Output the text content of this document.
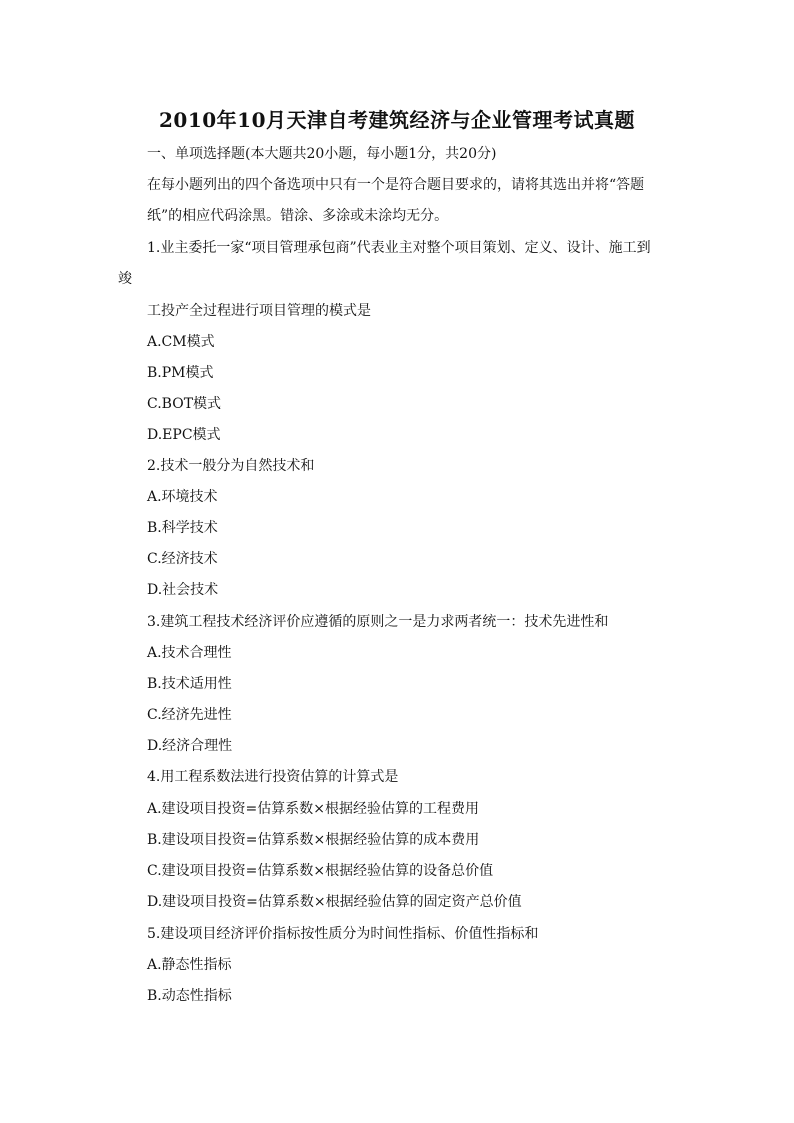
2010年10月天津自考建筑经济与企业管理考试真题
一、单项选择题(本大题共20小题，每小题1分，共20分)
在每小题列出的四个备选项中只有一个是符合题目要求的，请将其选出并将“答题
纸”的相应代码涂黑。错涂、多涂或未涂均无分。
1.业主委托一家“项目管理承包商”代表业主对整个项目策划、定义、设计、施工到
竣
工投产全过程进行项目管理的模式是
A.CM模式
B.PM模式
C.BOT模式
D.EPC模式
2.技术一般分为自然技术和
A.环境技术
B.科学技术
C.经济技术
D.社会技术
3.建筑工程技术经济评价应遵循的原则之一是力求两者统一：技术先进性和
A.技术合理性
B.技术适用性
C.经济先进性
D.经济合理性
4.用工程系数法进行投资估算的计算式是
A.建设项目投资=估算系数×根据经验估算的工程费用
B.建设项目投资=估算系数×根据经验估算的成本费用
C.建设项目投资=估算系数×根据经验估算的设备总价值
D.建设项目投资=估算系数×根据经验估算的固定资产总价值
5.建设项目经济评价指标按性质分为时间性指标、价值性指标和
A.静态性指标
B.动态性指标
